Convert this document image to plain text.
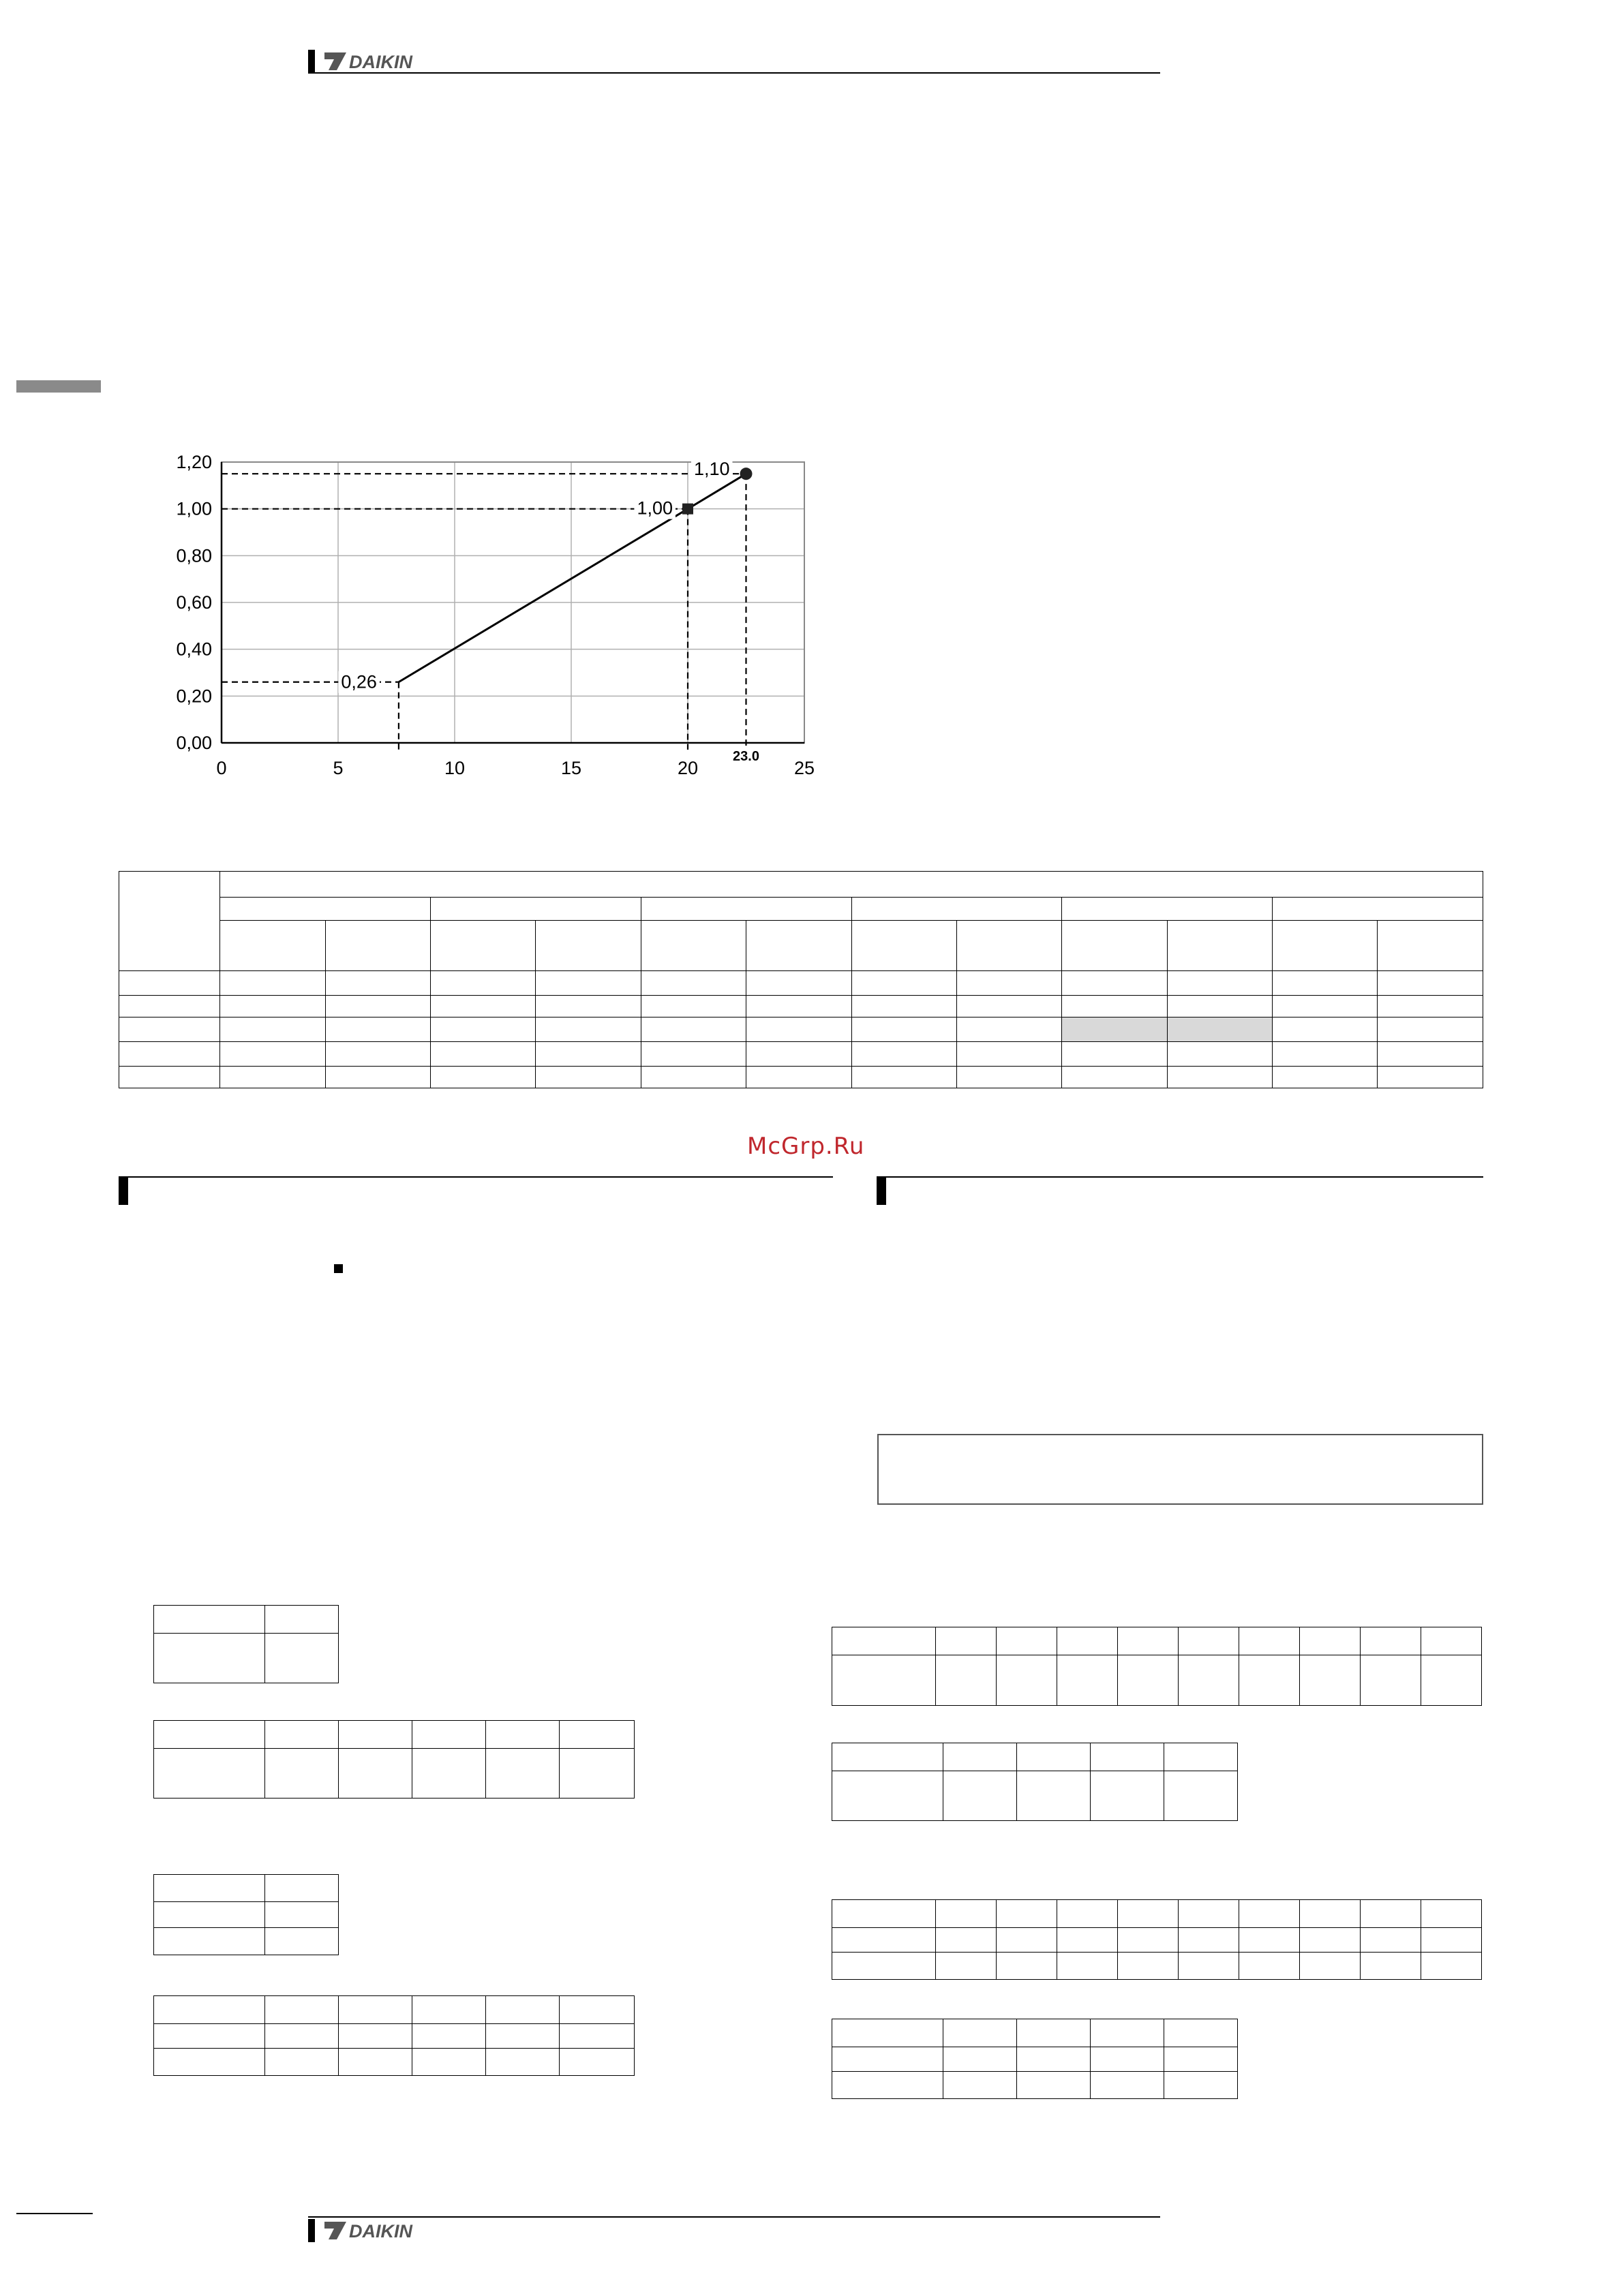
DAIKIN
0,00
0,20
0,40
0,60
0,80
1,00
1,20
0	5	10	15	20	25
0,26
1,00
1,10
23.0

McGrp.Ru

DAIKIN
